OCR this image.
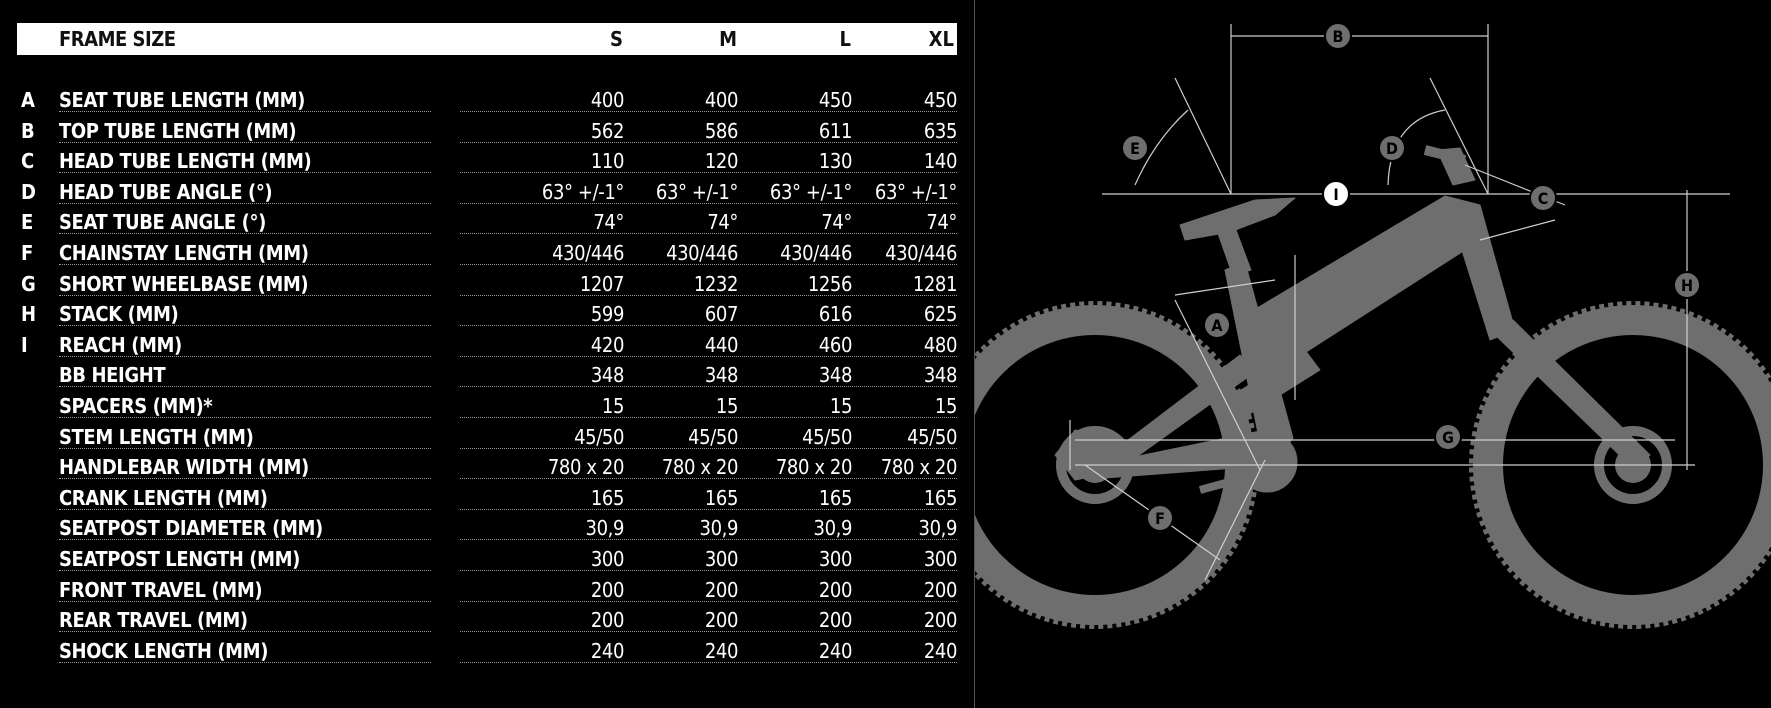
FRAME SIZE	S	M	L	XL
A SEAT TUBE LENGTH (MM)	400	400	450	450
B TOP TUBE LENGTH (MM)	562	586	611	635
C HEAD TUBE LENGTH (MM)	110	120	130	140
D HEAD TUBE ANGLE (°)	63° +/-1°	63° +/-1°	63° +/-1°	63° +/-1°
E SEAT TUBE ANGLE (°)	74°	74°	74°	74°
F CHAINSTAY LENGTH (MM)	430/446	430/446	430/446	430/446
G SHORT WHEELBASE (MM)	1207	1232	1256	1281
H STACK (MM)	599	607	616	625
I REACH (MM)	420	440	460	480
BB HEIGHT	348	348	348	348
SPACERS (MM)*	15	15	15	15
STEM LENGTH (MM)	45/50	45/50	45/50	45/50
HANDLEBAR WIDTH (MM)	780 x 20	780 x 20	780 x 20	780 x 20
CRANK LENGTH (MM)	165	165	165	165
SEATPOST DIAMETER (MM)	30,9	30,9	30,9	30,9
SEATPOST LENGTH (MM)	300	300	300	300
FRONT TRAVEL (MM)	200	200	200	200
REAR TRAVEL (MM)	200	200	200	200
SHOCK LENGTH (MM)	240	240	240	240
A
B
C
D
E
F
G
H
I
